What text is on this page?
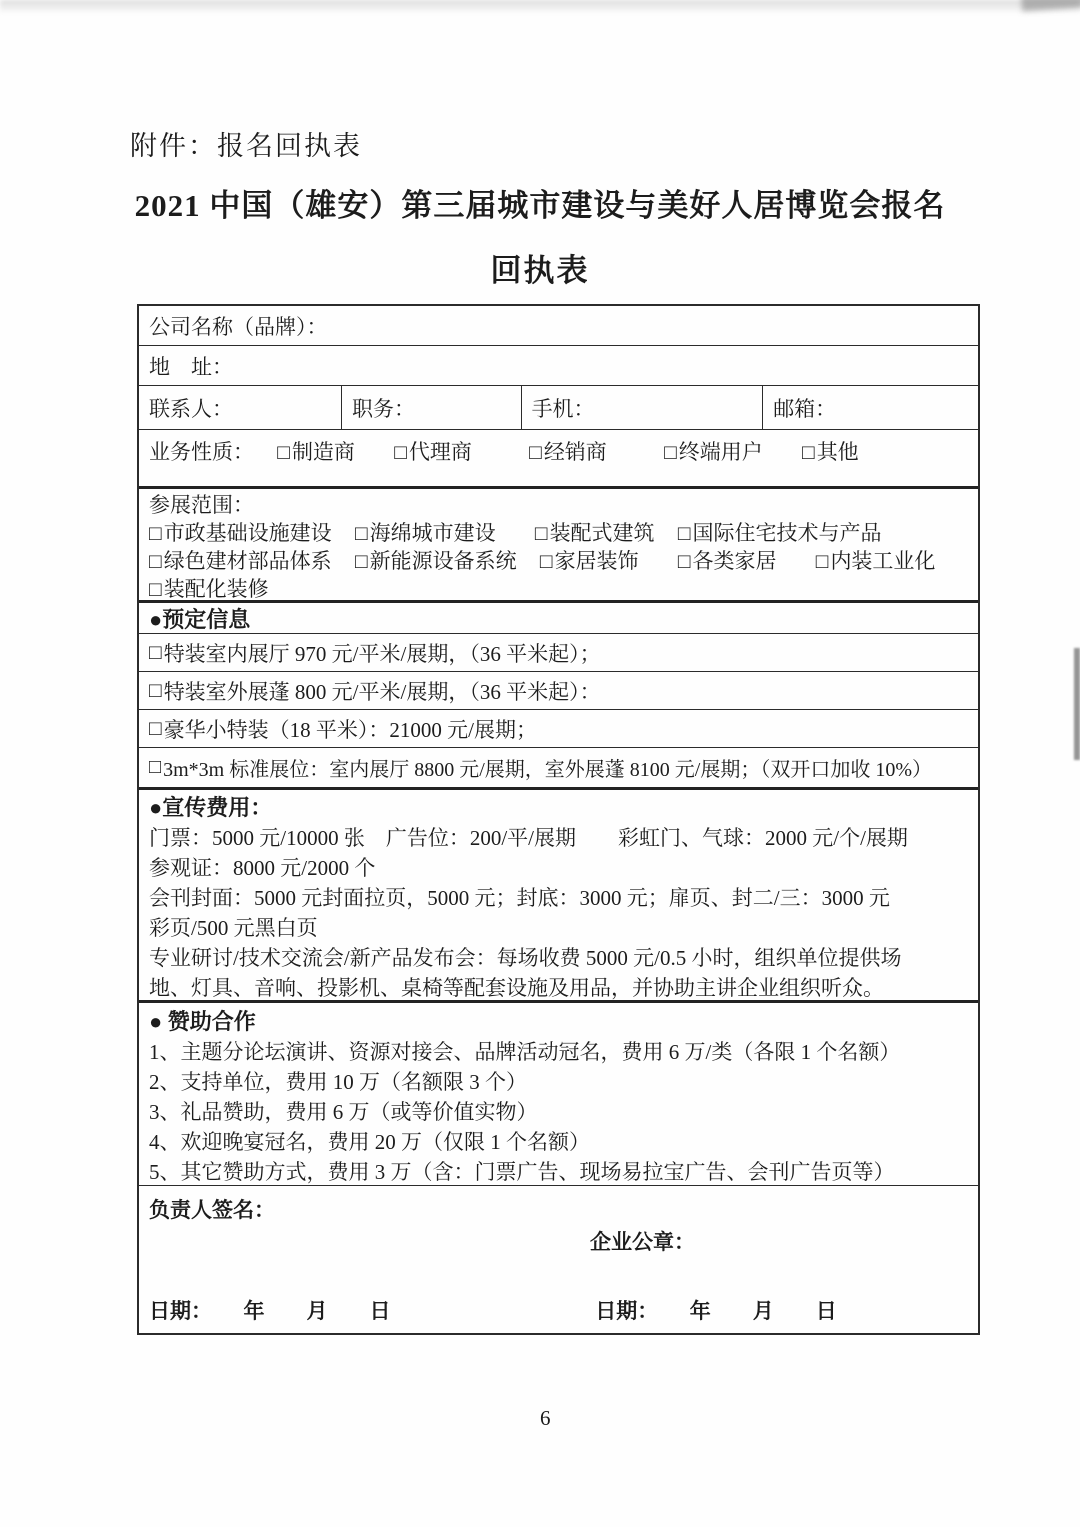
附件：报名回执表
2021 中国（雄安）第三届城市建设与美好人居博览会报名
回执表
公司名称（品牌）：
地　址：
联系人：	职务：	手机：	邮箱：
业务性质： □制造商 □代理商	□经销商	□终端用户 □其他
参展范围：
□市政基础设施建设 □海绵城市建设 □装配式建筑 □国际住宅技术与产品
□绿色建材部品体系 □新能源设备系统 □家居装饰 □各类家居 □内装工业化
□装配化装修
●预定信息
□ 特装室内展厅 970 元/平米/展期，（36 平米起）；
□ 特装室外展蓬 800 元/平米/展期，（36 平米起）：
□ 豪华小特装（18 平米）：21000 元/展期；
□ 3m*3m 标准展位：室内展厅 8800 元/展期，室外展蓬 8100 元/展期；（双开口加收 10%）
●宣传费用：
门票：5000 元/10000 张　广告位：200/平/展期　　彩虹门、气球：2000 元/个/展期
参观证：8000 元/2000 个
会刊封面：5000 元封面拉页，5000 元；封底：3000 元；扉页、封二/三：3000 元
彩页/500 元黑白页
专业研讨/技术交流会/新产品发布会：每场收费 5000 元/0.5 小时，组织单位提供场
地、灯具、音响、投影机、桌椅等配套设施及用品，并协助主讲企业组织听众。
● 赞助合作
1、主题分论坛演讲、资源对接会、品牌活动冠名，费用 6 万/类（各限 1 个名额）
2、支持单位，费用 10 万（名额限 3 个）
3、礼品赞助，费用 6 万（或等价值实物）
4、欢迎晚宴冠名，费用 20 万（仅限 1 个名额）
5、其它赞助方式，费用 3 万（含：门票广告、现场易拉宝广告、会刊广告页等）
负责人签名：
企业公章：
日期：　　年　　月　　日	日期：　　年　　月　　日
6
